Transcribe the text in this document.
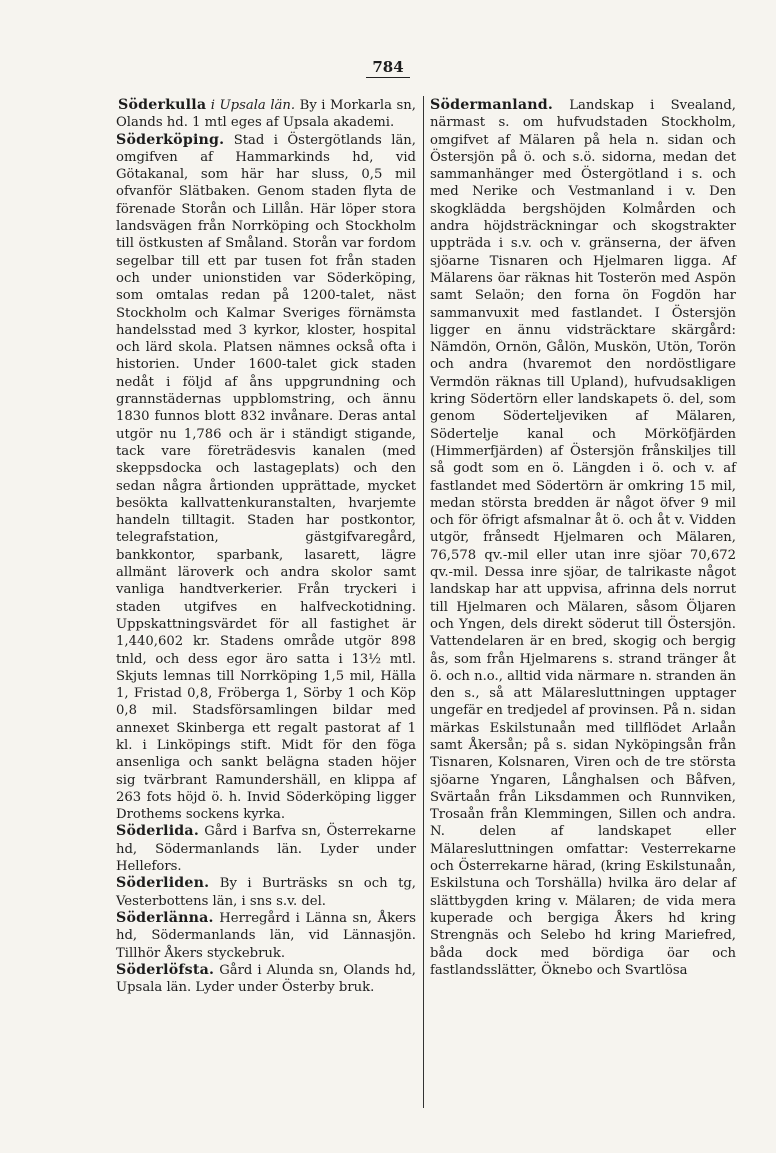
784

Söderkulla i Upsala län. By i Morkarla sn, Olands hd. 1 mtl eges af Upsala akademi.

Söderköping. Stad i Östergötlands län, omgifven af Hammarkinds hd, vid Götakanal, som här har sluss, 0,5 mil ofvanför Slätbaken. Genom staden flyta de förenade Storån och Lillån. Här löper stora landsvägen från Norrköping och Stockholm till östkusten af Småland. Storån var fordom segelbar till ett par tusen fot från staden och under unionstiden var Söderköping, som omtalas redan på 1200-talet, näst Stockholm och Kalmar Sveriges förnämsta handelsstad med 3 kyrkor, kloster, hospital och lärd skola. Platsen nämnes också ofta i historien. Under 1600-talet gick staden nedåt i följd af åns uppgrundning och grannstädernas uppblomstring, och ännu 1830 funnos blott 832 invånare. Deras antal utgör nu 1,786 och är i ständigt stigande, tack vare företrädesvis kanalen (med skeppsdocka och lastageplats) och den sedan några årtionden upprättade, mycket besökta kallvattenkuranstalten, hvarjemte handeln tilltagit. Staden har postkontor, telegrafstation, gästgifvaregård, bankkontor, sparbank, lasarett, lägre allmänt läroverk och andra skolor samt vanliga handtverkerier. Från tryckeri i staden utgifves en halfveckotidning. Uppskattningsvärdet för all fastighet är 1,440,602 kr. Stadens område utgör 898 tnld, och dess egor äro satta i 13½ mtl. Skjuts lemnas till Norrköping 1,5 mil, Hälla 1, Fristad 0,8, Fröberga 1, Sörby 1 och Köp 0,8 mil. Stadsförsamlingen bildar med annexet Skinberga ett regalt pastorat af 1 kl. i Linköpings stift. Midt för den föga ansenliga och sankt belägna staden höjer sig tvärbrant Ramundershäll, en klippa af 263 fots höjd ö. h. Invid Söderköping ligger Drothems sockens kyrka.

Söderlida. Gård i Barfva sn, Österrekarne hd, Södermanlands län. Lyder under Hellefors.

Söderliden. By i Burträsks sn och tg, Vesterbottens län, i sns s.v. del.

Söderlänna. Herregård i Länna sn, Åkers hd, Södermanlands län, vid Lännasjön. Tillhör Åkers styckebruk.

Söderlöfsta. Gård i Alunda sn, Olands hd, Upsala län. Lyder under Österby bruk.

Södermanland. Landskap i Svealand, närmast s. om hufvudstaden Stockholm, omgifvet af Mälaren på hela n. sidan och Östersjön på ö. och s.ö. sidorna, medan det sammanhänger med Östergötland i s. och med Nerike och Vestmanland i v. Den skogklädda bergshöjden Kolmården och andra höjdsträckningar och skogstrakter uppträda i s.v. och v. gränserna, der äfven sjöarne Tisnaren och Hjelmaren ligga. Af Mälarens öar räknas hit Tosterön med Aspön samt Selaön; den forna ön Fogdön har sammanvuxit med fastlandet. I Östersjön ligger en ännu vidsträcktare skärgård: Nämdön, Ornön, Gålön, Muskön, Utön, Torön och andra (hvaremot den nordöstligare Vermdön räknas till Upland), hufvudsakligen kring Södertörn eller landskapets ö. del, som genom Söderteljeviken af Mälaren, Södertelje kanal och Mörköfjärden (Himmerfjärden) af Östersjön frånskiljes till så godt som en ö. Längden i ö. och v. af fastlandet med Södertörn är omkring 15 mil, medan största bredden är något öfver 9 mil och för öfrigt afsmalnar åt ö. och åt v. Vidden utgör, frånsedt Hjelmaren och Mälaren, 76,578 qv.-mil eller utan inre sjöar 70,672 qv.-mil. Dessa inre sjöar, de talrikaste något landskap har att uppvisa, afrinna dels norrut till Hjelmaren och Mälaren, såsom Öljaren och Yngen, dels direkt söderut till Östersjön. Vattendelaren är en bred, skogig och bergig ås, som från Hjelmarens s. strand tränger åt ö. och n.o., alltid vida närmare n. stranden än den s., så att Mälaresluttningen upptager ungefär en tredjedel af provinsen. På n. sidan märkas Eskilstunaån med tillflödet Arlaån samt Åkersån; på s. sidan Nyköpingsån från Tisnaren, Kolsnaren, Viren och de tre största sjöarne Yngaren, Långhalsen och Båfven, Svärtaån från Liksdammen och Runnviken, Trosaån från Klemmingen, Sillen och andra. N. delen af landskapet eller Mälaresluttningen omfattar: Vesterrekarne och Österrekarne härad, (kring Eskilstunaån, Eskilstuna och Torshälla) hvilka äro delar af slättbygden kring v. Mälaren; de vida mera kuperade och bergiga Åkers hd kring Strengnäs och Selebo hd kring Mariefred, båda dock med bördiga öar och fastlandsslätter, Öknebo och Svartlösa
